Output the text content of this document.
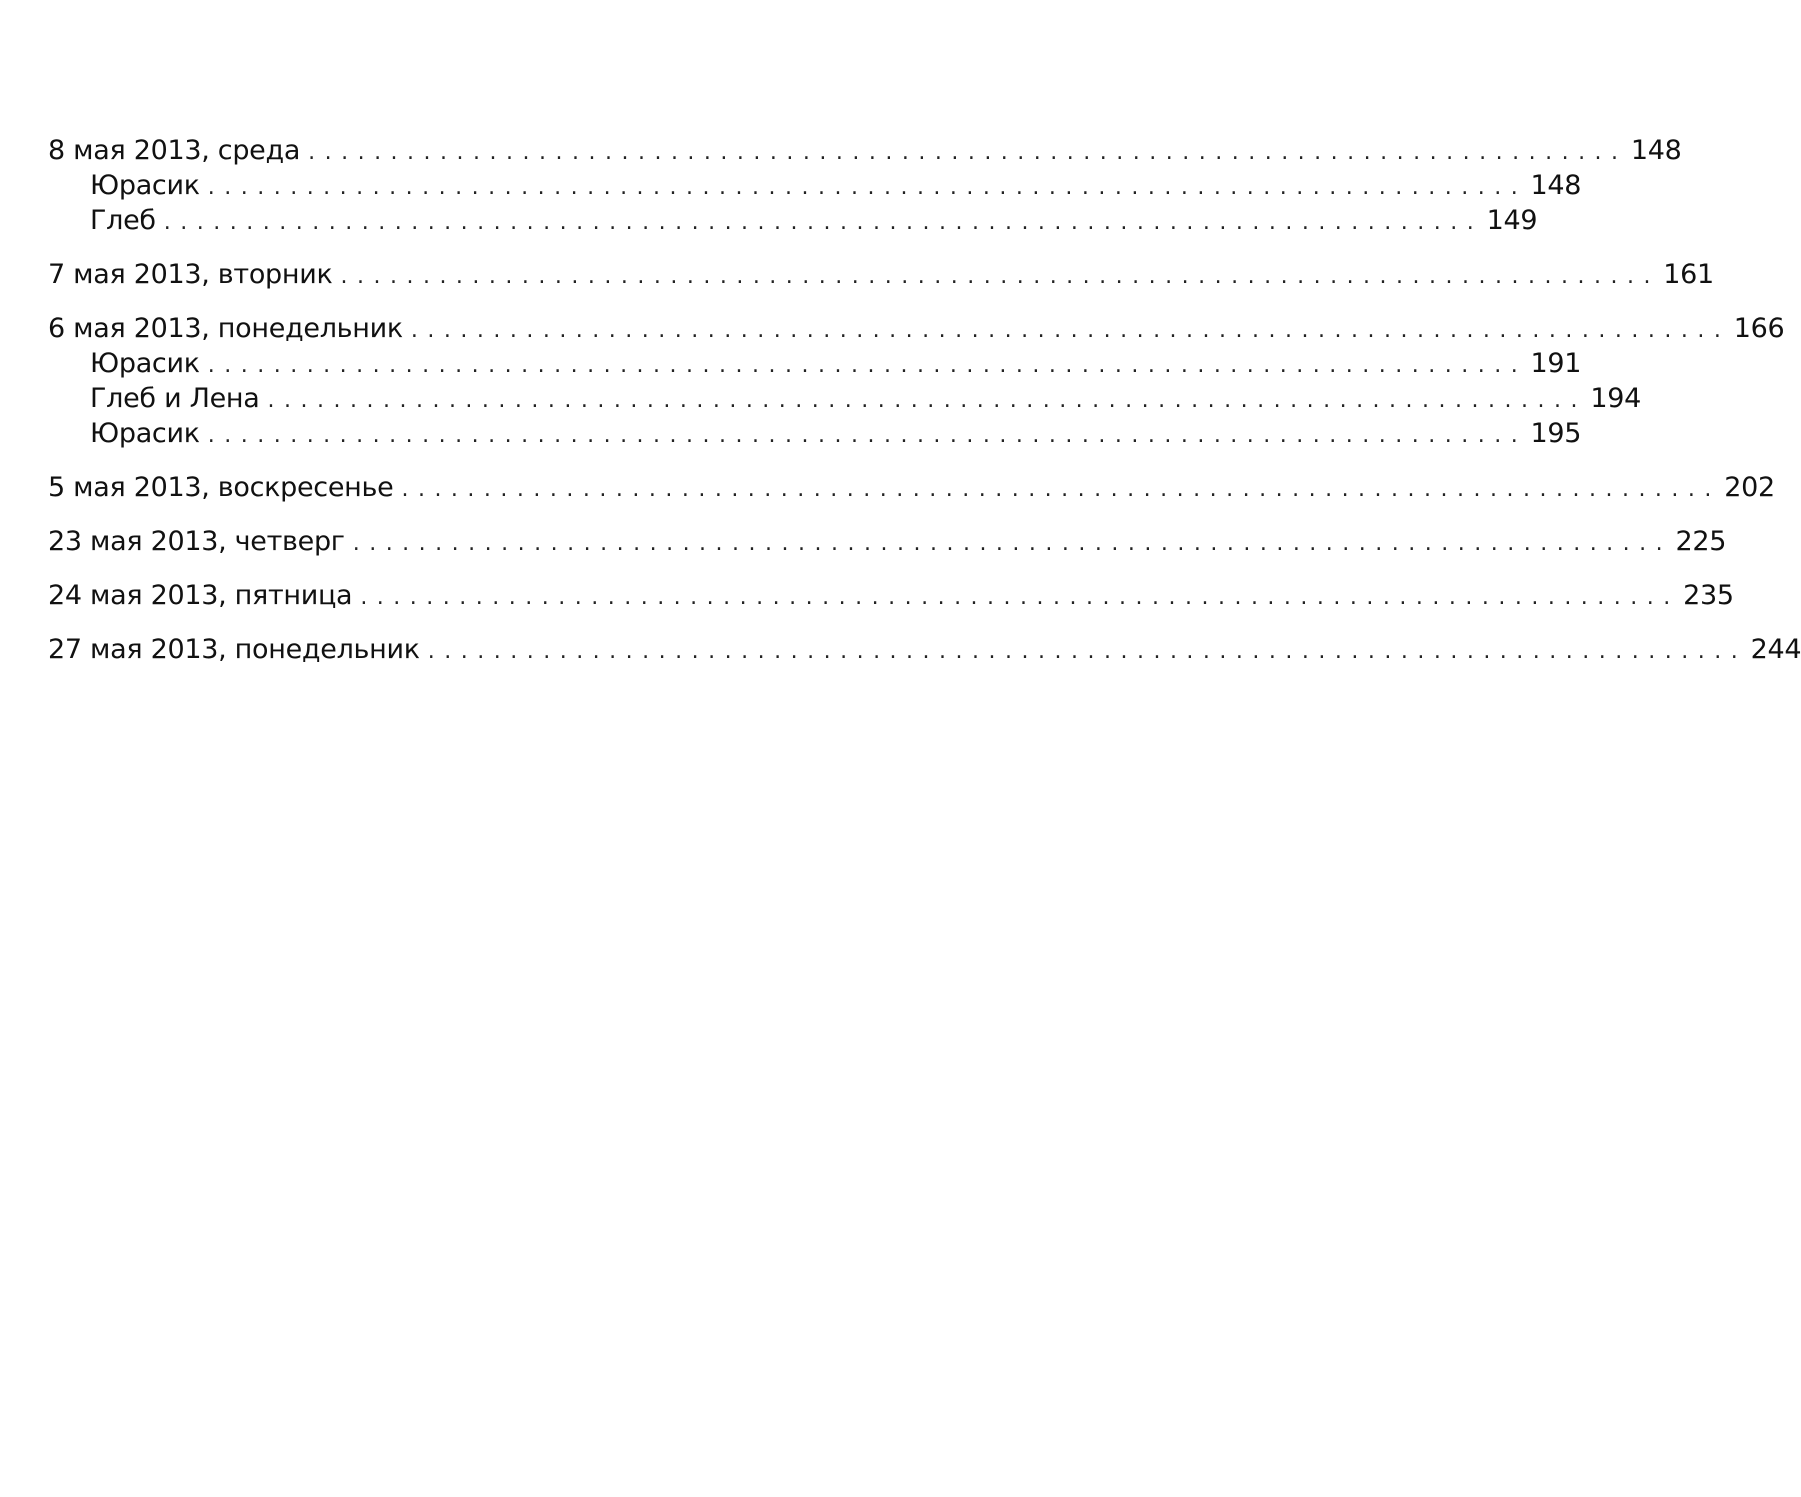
8 мая 2013, среда ................................................................................ 148
Юрасик ................................................................................ 148
Глеб ................................................................................ 149
7 мая 2013, вторник ................................................................................ 161
6 мая 2013, понедельник ................................................................................ 166
Юрасик ................................................................................ 191
Глеб и Лена ................................................................................ 194
Юрасик ................................................................................ 195
5 мая 2013, воскресенье ................................................................................ 202
23 мая 2013, четверг ................................................................................ 225
24 мая 2013, пятница ................................................................................ 235
27 мая 2013, понедельник ................................................................................ 244
